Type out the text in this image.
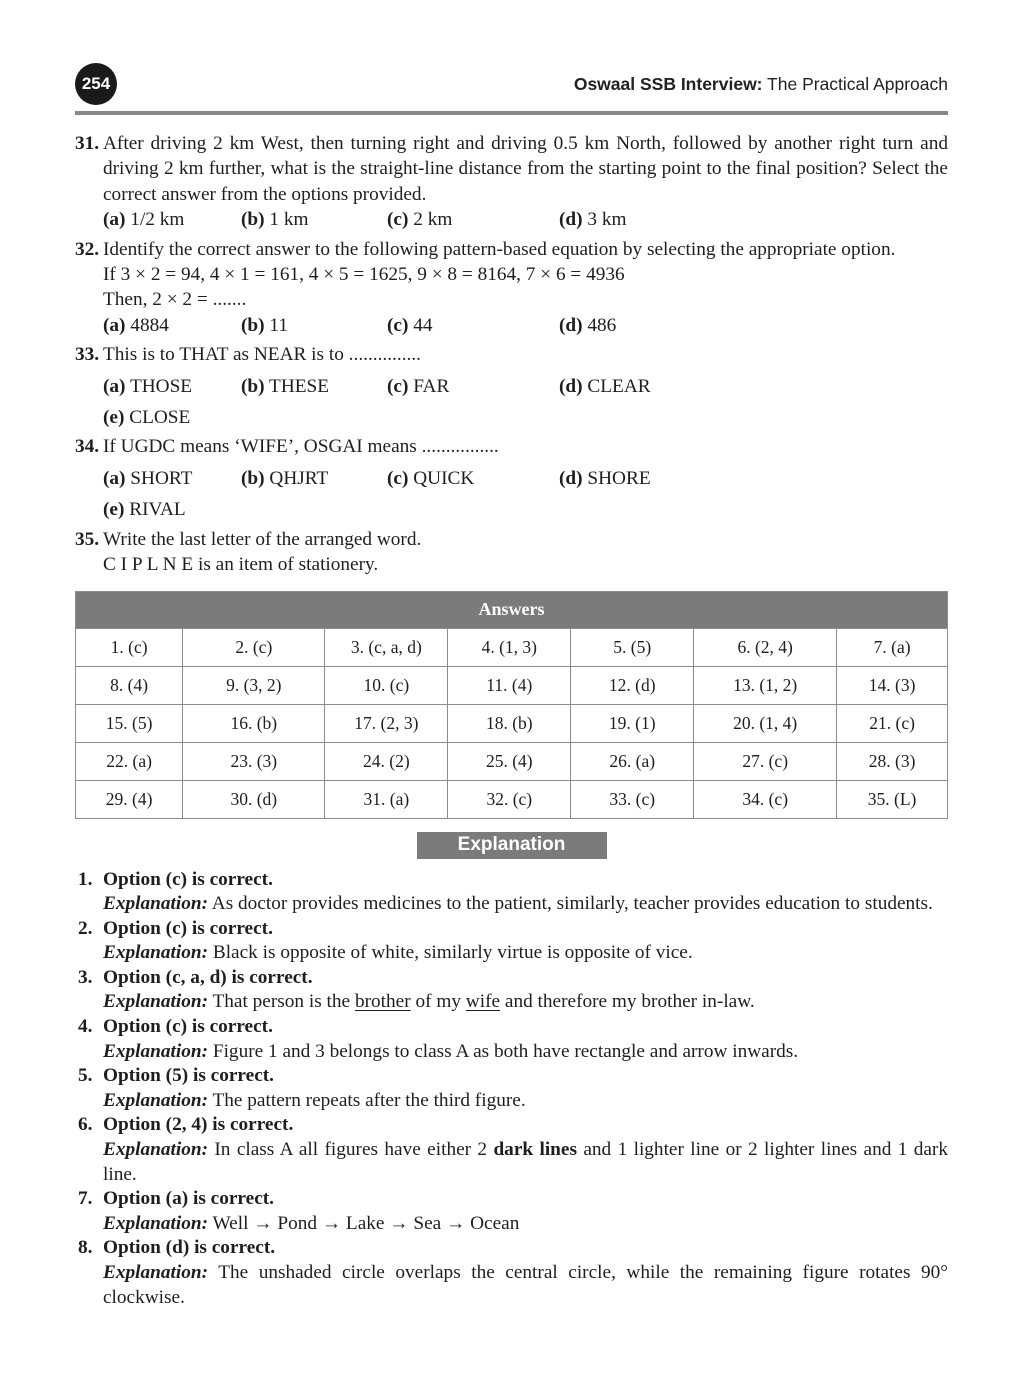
254	Oswaal SSB Interview: The Practical Approach
31. After driving 2 km West, then turning right and driving 0.5 km North, followed by another right turn and driving 2 km further, what is the straight-line distance from the starting point to the final position? Select the correct answer from the options provided.
(a) 1/2 km	(b) 1 km	(c) 2 km	(d) 3 km
32. Identify the correct answer to the following pattern-based equation by selecting the appropriate option.
If 3 × 2 = 94, 4 × 1 = 161, 4 × 5 = 1625, 9 × 8 = 8164, 7 × 6 = 4936
Then, 2 × 2 = .......
(a) 4884	(b) 11	(c) 44	(d) 486
33. This is to THAT as NEAR is to ...............
(a) THOSE	(b) THESE	(c) FAR	(d) CLEAR
(e) CLOSE
34. If UGDC means ‘WIFE’, OSGAI means ................
(a) SHORT	(b) QHJRT	(c) QUICK	(d) SHORE
(e) RIVAL
35. Write the last letter of the arranged word.
C I P L N E is an item of stationery.
Answers						
1. (c)	2. (c)	3. (c, a, d)	4. (1, 3)	5. (5)	6. (2, 4)	7. (a)
8. (4)	9. (3, 2)	10. (c)	11. (4)	12. (d)	13. (1, 2)	14. (3)
15. (5)	16. (b)	17. (2, 3)	18. (b)	19. (1)	20. (1, 4)	21. (c)
22. (a)	23. (3)	24. (2)	25. (4)	26. (a)	27. (c)	28. (3)
29. (4)	30. (d)	31. (a)	32. (c)	33. (c)	34. (c)	35. (L)
Explanation
1. Option (c) is correct.
Explanation: As doctor provides medicines to the patient, similarly, teacher provides education to students.
2. Option (c) is correct.
Explanation: Black is opposite of white, similarly virtue is opposite of vice.
3. Option (c, a, d) is correct.
Explanation: That person is the brother of my wife and therefore my brother in-law.
4. Option (c) is correct.
Explanation: Figure 1 and 3 belongs to class A as both have rectangle and arrow inwards.
5. Option (5) is correct.
Explanation: The pattern repeats after the third figure.
6. Option (2, 4) is correct.
Explanation: In class A all figures have either 2 dark lines and 1 lighter line or 2 lighter lines and 1 dark line.
7. Option (a) is correct.
Explanation: Well → Pond → Lake → Sea → Ocean
8. Option (d) is correct.
Explanation: The unshaded circle overlaps the central circle, while the remaining figure rotates 90° clockwise.
